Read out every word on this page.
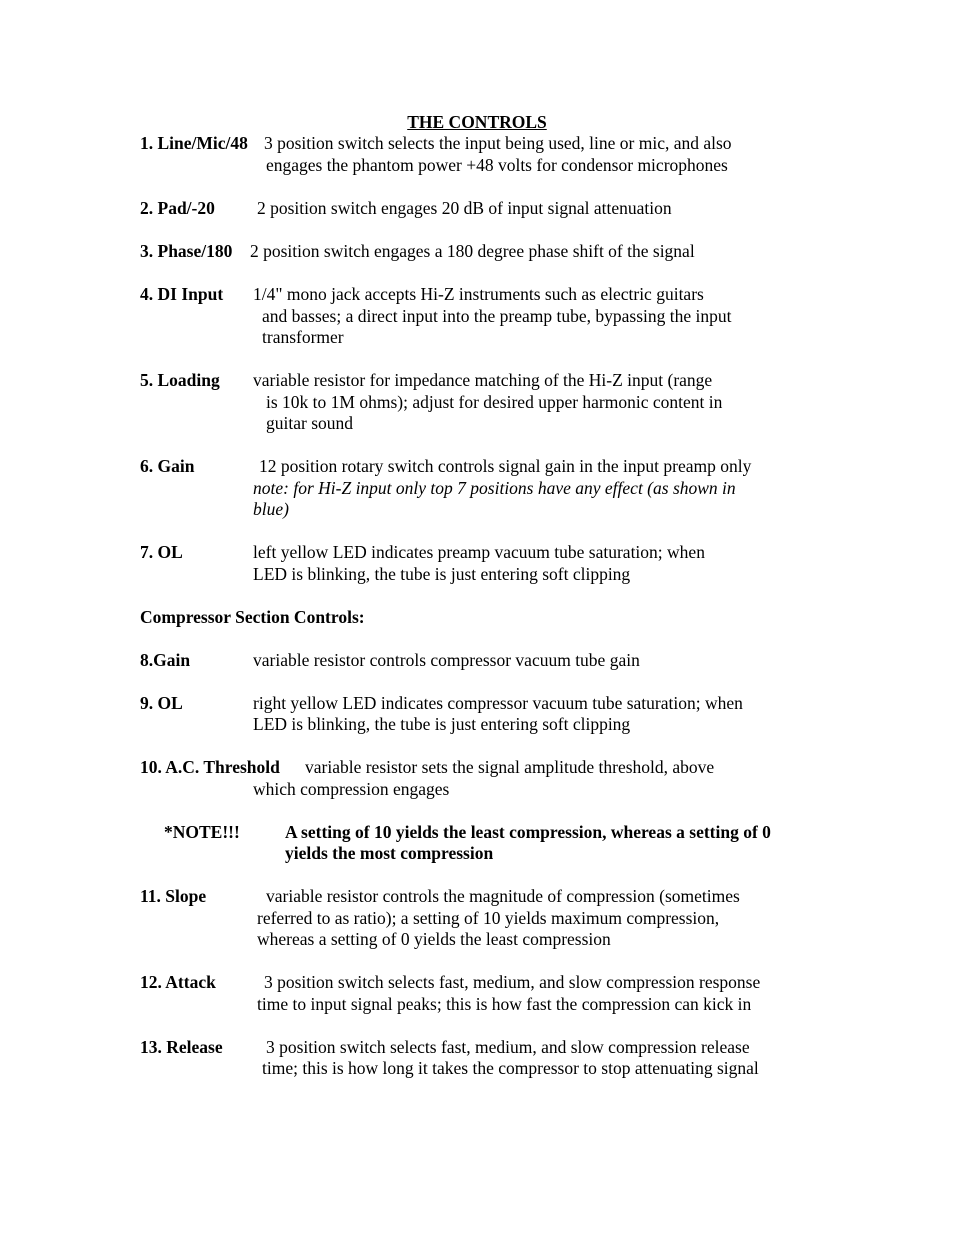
THE CONTROLS
1. Line/Mic/48 3 position switch selects the input being used, line or mic, and also
engages the phantom power +48 volts for condensor microphones
2. Pad/-20 2 position switch engages 20 dB of input signal attenuation
3. Phase/180 2 position switch engages a 180 degree phase shift of the signal
4. DI Input 1/4" mono jack accepts Hi-Z instruments such as electric guitars
and basses; a direct input into the preamp tube, bypassing the input
transformer
5. Loading variable resistor for impedance matching of the Hi-Z input (range
is 10k to 1M ohms); adjust for desired upper harmonic content in
guitar sound
6. Gain	12 position rotary switch controls signal gain in the input preamp only
note: for Hi-Z input only top 7 positions have any effect (as shown in
blue)
7. OL	left yellow LED indicates preamp vacuum tube saturation; when
LED is blinking, the tube is just entering soft clipping
Compressor Section Controls:
8.Gain	variable resistor controls compressor vacuum tube gain
9. OL	right yellow LED indicates compressor vacuum tube saturation; when
LED is blinking, the tube is just entering soft clipping
10. A.C. Threshold variable resistor sets the signal amplitude threshold, above
which compression engages
*NOTE!!!	A setting of 10 yields the least compression, whereas a setting of 0
yields the most compression
11. Slope	variable resistor controls the magnitude of compression (sometimes
referred to as ratio); a setting of 10 yields maximum compression,
whereas a setting of 0 yields the least compression
12. Attack	3 position switch selects fast, medium, and slow compression response
time to input signal peaks; this is how fast the compression can kick in
13. Release 3 position switch selects fast, medium, and slow compression release
time; this is how long it takes the compressor to stop attenuating signal
